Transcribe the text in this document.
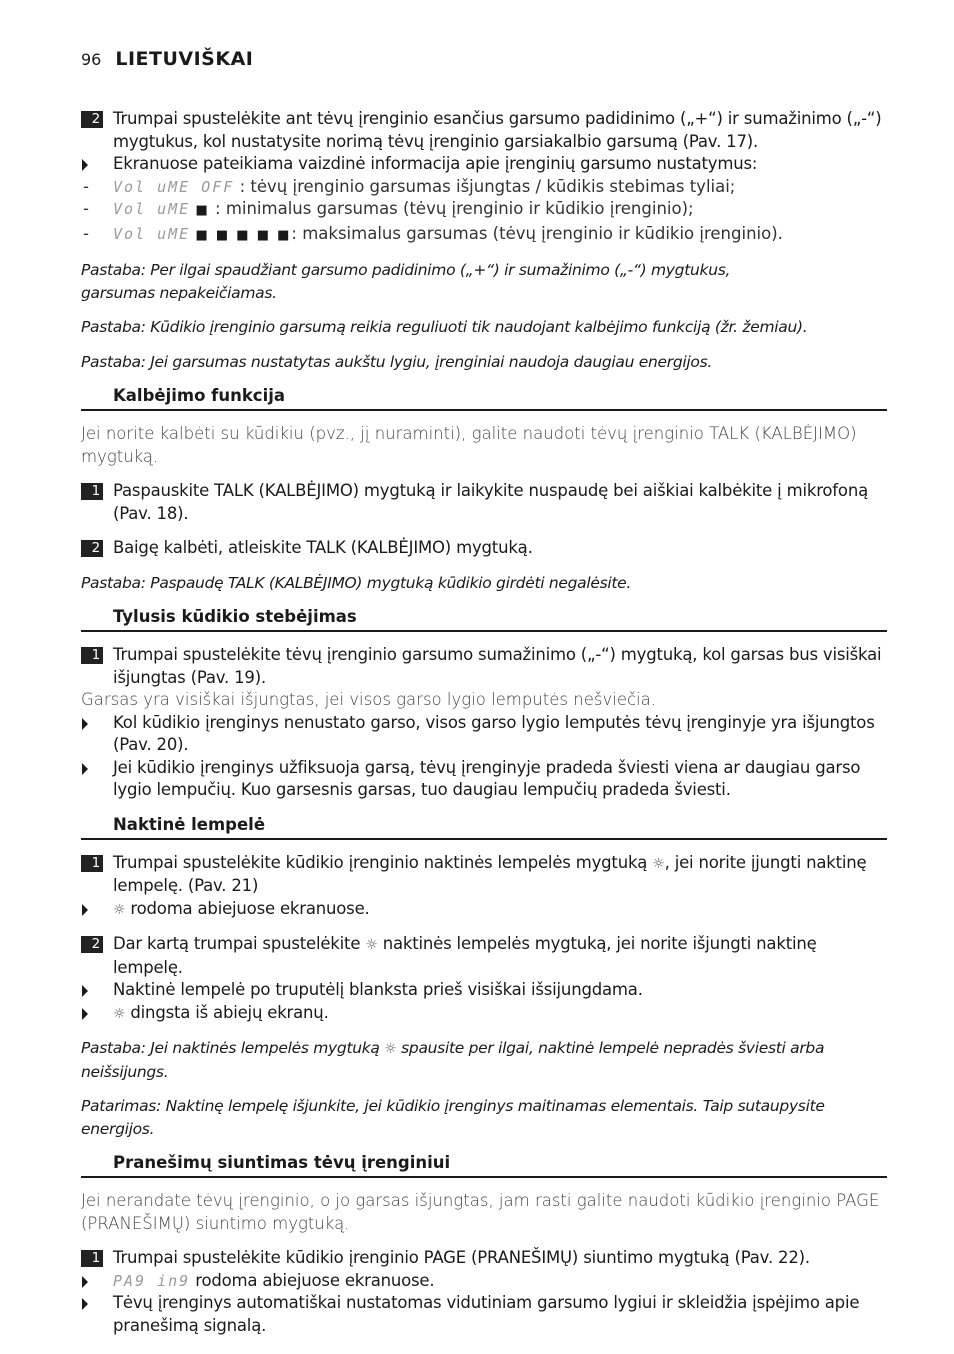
96 LIETUVIŠKAI
2 Trumpai spustelėkite ant tėvų įrenginio esančius garsumo padidinimo („+“) ir sumažinimo („-“) mygtukus, kol nustatysite norimą tėvų įrenginio garsiakalbio garsumą (Pav. 17).
Ekranuose pateikiama vaizdinė informacija apie įrenginių garsumo nustatymus:
- Vol uME OFF : tėvų įrenginio garsumas išjungtas / kūdikis stebimas tyliai;
- Vol uME ■ : minimalus garsumas (tėvų įrenginio ir kūdikio įrenginio);
- Vol uME ■ ■ ■ ■ ■: maksimalus garsumas (tėvų įrenginio ir kūdikio įrenginio).
Pastaba: Per ilgai spaudžiant garsumo padidinimo („+“) ir sumažinimo („-“) mygtukus, garsumas nepakeičiamas.
Pastaba: Kūdikio įrenginio garsumą reikia reguliuoti tik naudojant kalbėjimo funkciją (žr. žemiau).
Pastaba: Jei garsumas nustatytas aukštu lygiu, įrenginiai naudoja daugiau energijos.
Kalbėjimo funkcija
Jei norite kalbėti su kūdikiu (pvz., jį nuraminti), galite naudoti tėvų įrenginio TALK (KALBĖJIMO) mygtuką.
1 Paspauskite TALK (KALBĖJIMO) mygtuką ir laikykite nuspaudę bei aiškiai kalbėkite į mikrofoną (Pav. 18).
2 Baigę kalbėti, atleiskite TALK (KALBĖJIMO) mygtuką.
Pastaba: Paspaudę TALK (KALBĖJIMO) mygtuką kūdikio girdėti negalėsite.
Tylusis kūdikio stebėjimas
1 Trumpai spustelėkite tėvų įrenginio garsumo sumažinimo („-“) mygtuką, kol garsas bus visiškai išjungtas (Pav. 19).
Garsas yra visiškai išjungtas, jei visos garso lygio lemputės nešviečia.
Kol kūdikio įrenginys nenustato garso, visos garso lygio lemputės tėvų įrenginyje yra išjungtos (Pav. 20).
Jei kūdikio įrenginys užfiksuoja garsą, tėvų įrenginyje pradeda šviesti viena ar daugiau garso lygio lempučių. Kuo garsesnis garsas, tuo daugiau lempučių pradeda šviesti.
Naktinė lempelė
1 Trumpai spustelėkite kūdikio įrenginio naktinės lempelės mygtuką ☼, jei norite įjungti naktinę lempelę. (Pav. 21)
☼ rodoma abiejuose ekranuose.
2 Dar kartą trumpai spustelėkite ☼ naktinės lempelės mygtuką, jei norite išjungti naktinę lempelę.
Naktinė lempelė po truputėlį blanksta prieš visiškai išsijungdama.
☼ dingsta iš abiejų ekranų.
Pastaba: Jei naktinės lempelės mygtuką ☼ spausite per ilgai, naktinė lempelė nepradės šviesti arba neišsijungs.
Patarimas: Naktinę lempelę išjunkite, jei kūdikio įrenginys maitinamas elementais. Taip sutaupysite energijos.
Pranešimų siuntimas tėvų įrenginiui
Jei nerandate tėvų įrenginio, o jo garsas išjungtas, jam rasti galite naudoti kūdikio įrenginio PAGE (PRANEŠIMŲ) siuntimo mygtuką.
1 Trumpai spustelėkite kūdikio įrenginio PAGE (PRANEŠIMŲ) siuntimo mygtuką (Pav. 22).
PA9 in9 rodoma abiejuose ekranuose.
Tėvų įrenginys automatiškai nustatomas vidutiniam garsumo lygiui ir skleidžia įspėjimo apie pranešimą signalą.
